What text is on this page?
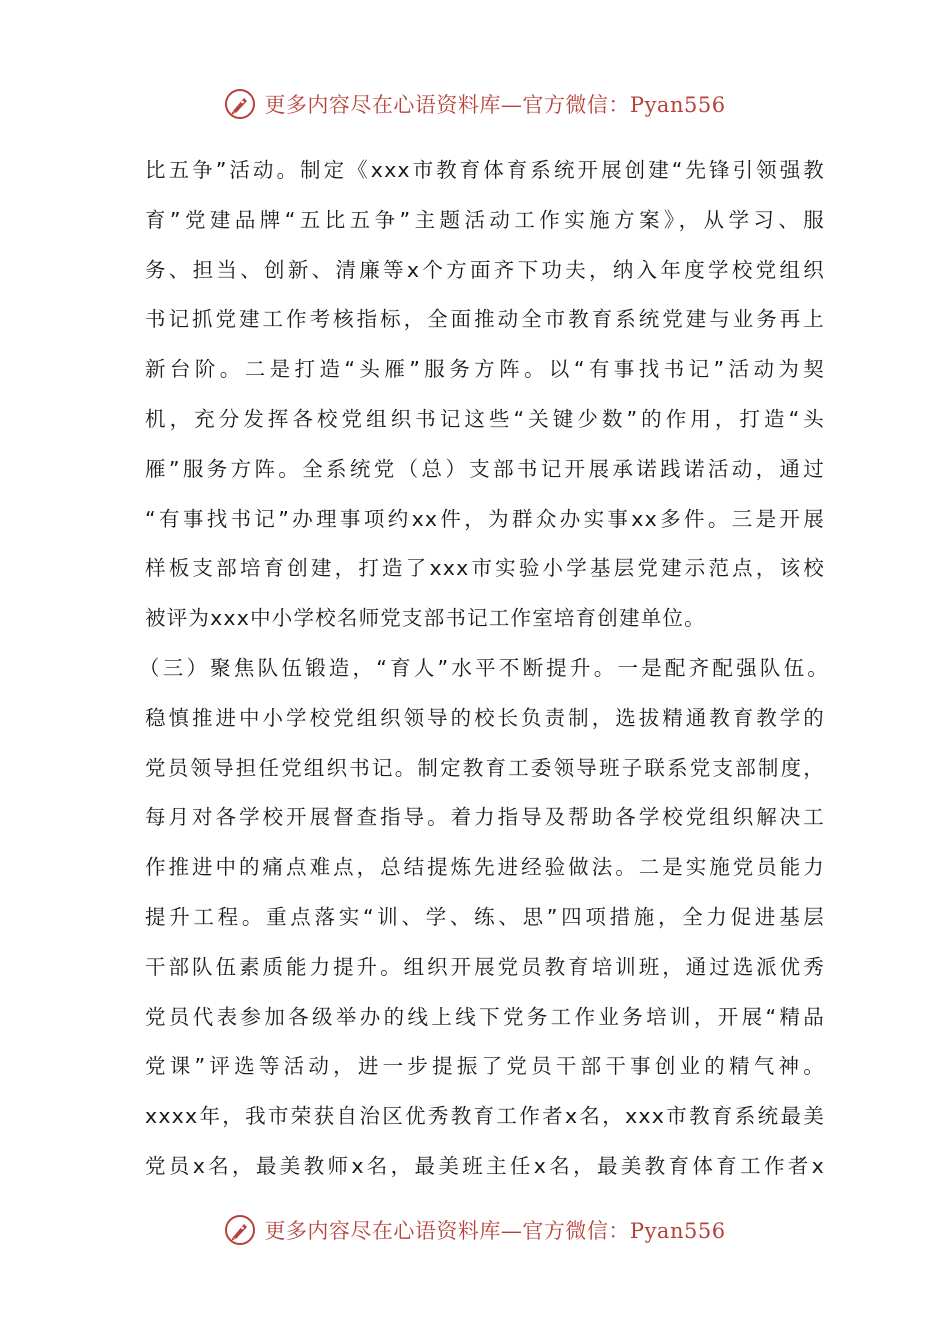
更多内容尽在心语资料库—官方微信：Pyan556
比五争”活动。制定《xxx市教育体育系统开展创建“先锋引领强教
育”党建品牌“五比五争”主题活动工作实施方案》，从学习、服
务、担当、创新、清廉等x个方面齐下功夫，纳入年度学校党组织
书记抓党建工作考核指标，全面推动全市教育系统党建与业务再上
新台阶。二是打造“头雁”服务方阵。以“有事找书记”活动为契
机，充分发挥各校党组织书记这些“关键少数”的作用，打造“头
雁”服务方阵。全系统党（总）支部书记开展承诺践诺活动，通过
“有事找书记”办理事项约xx件，为群众办实事xx多件。三是开展
样板支部培育创建，打造了xxx市实验小学基层党建示范点，该校
被评为xxx中小学校名师党支部书记工作室培育创建单位。
（三）聚焦队伍锻造，“育人”水平不断提升。一是配齐配强队伍。
稳慎推进中小学校党组织领导的校长负责制，选拔精通教育教学的
党员领导担任党组织书记。制定教育工委领导班子联系党支部制度，
每月对各学校开展督查指导。着力指导及帮助各学校党组织解决工
作推进中的痛点难点，总结提炼先进经验做法。二是实施党员能力
提升工程。重点落实“训、学、练、思”四项措施，全力促进基层
干部队伍素质能力提升。组织开展党员教育培训班，通过选派优秀
党员代表参加各级举办的线上线下党务工作业务培训，开展“精品
党课”评选等活动，进一步提振了党员干部干事创业的精气神。
xxxx年，我市荣获自治区优秀教育工作者x名，xxx市教育系统最美
党员x名，最美教师x名，最美班主任x名，最美教育体育工作者x
更多内容尽在心语资料库—官方微信：Pyan556
